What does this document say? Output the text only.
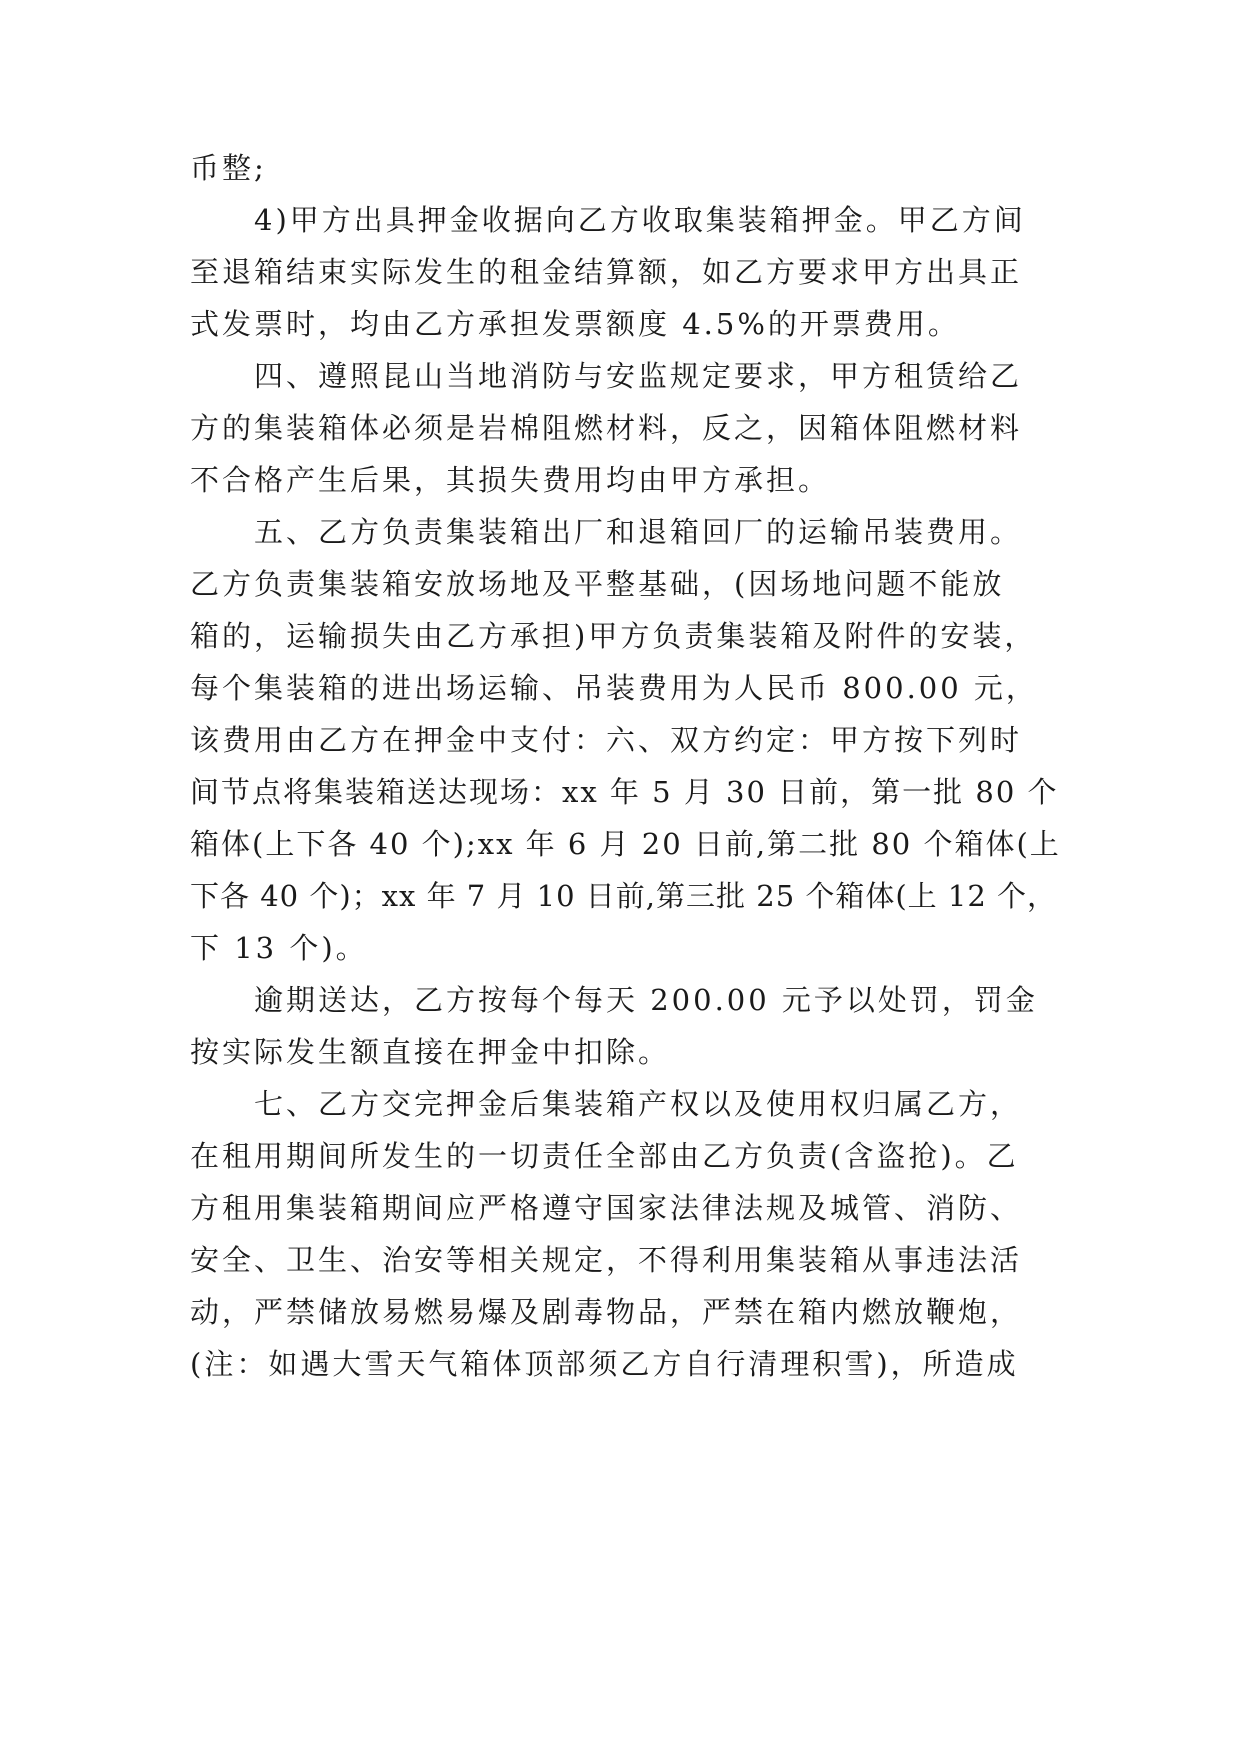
币整;
4)甲方出具押金收据向乙方收取集装箱押金。甲乙方间
至退箱结束实际发生的租金结算额，如乙方要求甲方出具正
式发票时，均由乙方承担发票额度 4.5%的开票费用。
四、遵照昆山当地消防与安监规定要求，甲方租赁给乙
方的集装箱体必须是岩棉阻燃材料，反之，因箱体阻燃材料
不合格产生后果，其损失费用均由甲方承担。
五、乙方负责集装箱出厂和退箱回厂的运输吊装费用。
乙方负责集装箱安放场地及平整基础，(因场地问题不能放
箱的，运输损失由乙方承担)甲方负责集装箱及附件的安装，
每个集装箱的进出场运输、吊装费用为人民币 800.00 元，
该费用由乙方在押金中支付：六、双方约定：甲方按下列时
间节点将集装箱送达现场：xx 年 5 月 30 日前，第一批 80 个
箱体(上下各 40 个);xx 年 6 月 20 日前,第二批 80 个箱体(上
下各 40 个)；xx 年 7 月 10 日前,第三批 25 个箱体(上 12 个，
下 13 个)。
逾期送达，乙方按每个每天 200.00 元予以处罚，罚金
按实际发生额直接在押金中扣除。
七、乙方交完押金后集装箱产权以及使用权归属乙方，
在租用期间所发生的一切责任全部由乙方负责(含盗抢)。乙
方租用集装箱期间应严格遵守国家法律法规及城管、消防、
安全、卫生、治安等相关规定，不得利用集装箱从事违法活
动，严禁储放易燃易爆及剧毒物品，严禁在箱内燃放鞭炮，
(注：如遇大雪天气箱体顶部须乙方自行清理积雪)，所造成
